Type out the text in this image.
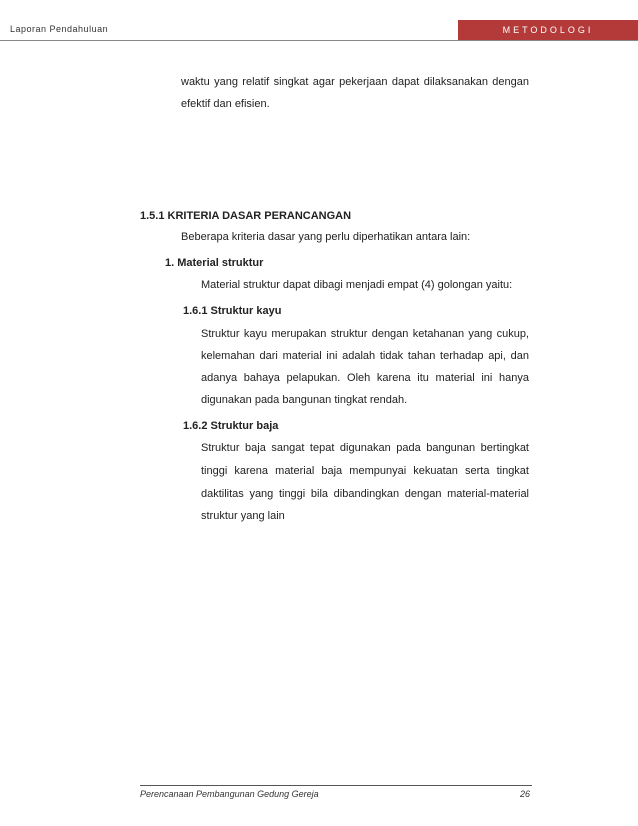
Laporan Pendahuluan	METODOLOGI
waktu yang relatif singkat agar pekerjaan dapat dilaksanakan dengan
efektif dan efisien.
1.5.1 KRITERIA DASAR PERANCANGAN
Beberapa kriteria dasar yang perlu diperhatikan antara lain:
1. Material struktur
Material struktur dapat dibagi menjadi empat (4) golongan yaitu:
1.6.1 Struktur kayu
Struktur kayu merupakan struktur dengan ketahanan yang cukup,
kelemahan dari material ini adalah tidak tahan terhadap api, dan
adanya bahaya pelapukan. Oleh karena itu material ini hanya
digunakan pada bangunan tingkat rendah.
1.6.2 Struktur baja
Struktur baja sangat tepat digunakan pada bangunan bertingkat
tinggi karena material baja mempunyai kekuatan serta tingkat
daktilitas yang tinggi bila dibandingkan dengan material-material
struktur yang lain
Perencanaan Pembangunan Gedung Gereja	26
